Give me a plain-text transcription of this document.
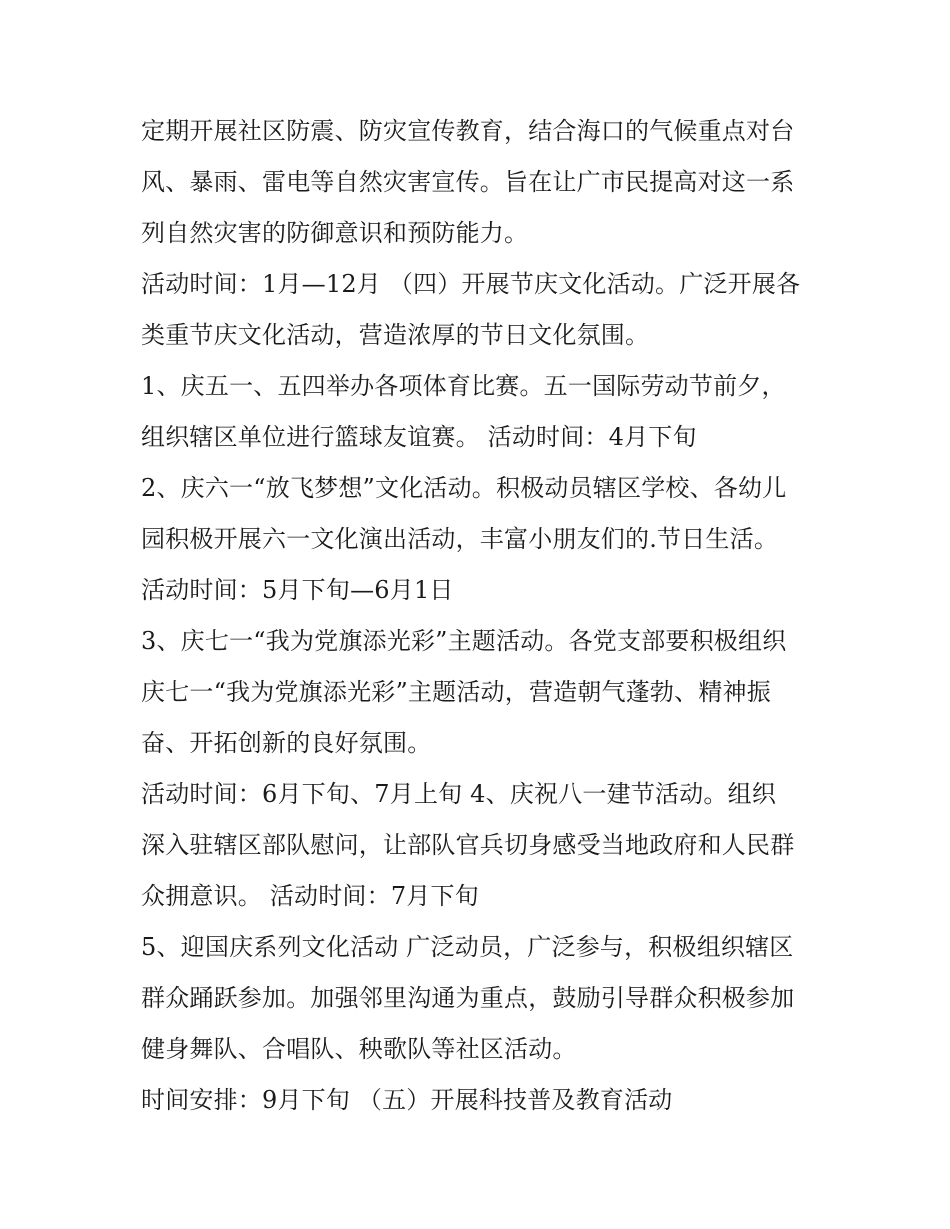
定期开展社区防震、防灾宣传教育，结合海口的气候重点对台
风、暴雨、雷电等自然灾害宣传。旨在让广市民提高对这一系
列自然灾害的防御意识和预防能力。
活动时间：1月—12月 （四）开展节庆文化活动。广泛开展各
类重节庆文化活动，营造浓厚的节日文化氛围。
1、庆五一、五四举办各项体育比赛。五一国际劳动节前夕，
组织辖区单位进行篮球友谊赛。 活动时间：4月下旬
2、庆六一“放飞梦想”文化活动。积极动员辖区学校、各幼儿
园积极开展六一文化演出活动，丰富小朋友们的.节日生活。
活动时间：5月下旬—6月1日
3、庆七一“我为党旗添光彩”主题活动。各党支部要积极组织
庆七一“我为党旗添光彩”主题活动，营造朝气蓬勃、精神振
奋、开拓创新的良好氛围。
活动时间：6月下旬、7月上旬 4、庆祝八一建节活动。组织
深入驻辖区部队慰问，让部队官兵切身感受当地政府和人民群
众拥意识。 活动时间：7月下旬
5、迎国庆系列文化活动 广泛动员，广泛参与，积极组织辖区
群众踊跃参加。加强邻里沟通为重点，鼓励引导群众积极参加
健身舞队、合唱队、秧歌队等社区活动。
时间安排：9月下旬 （五）开展科技普及教育活动
